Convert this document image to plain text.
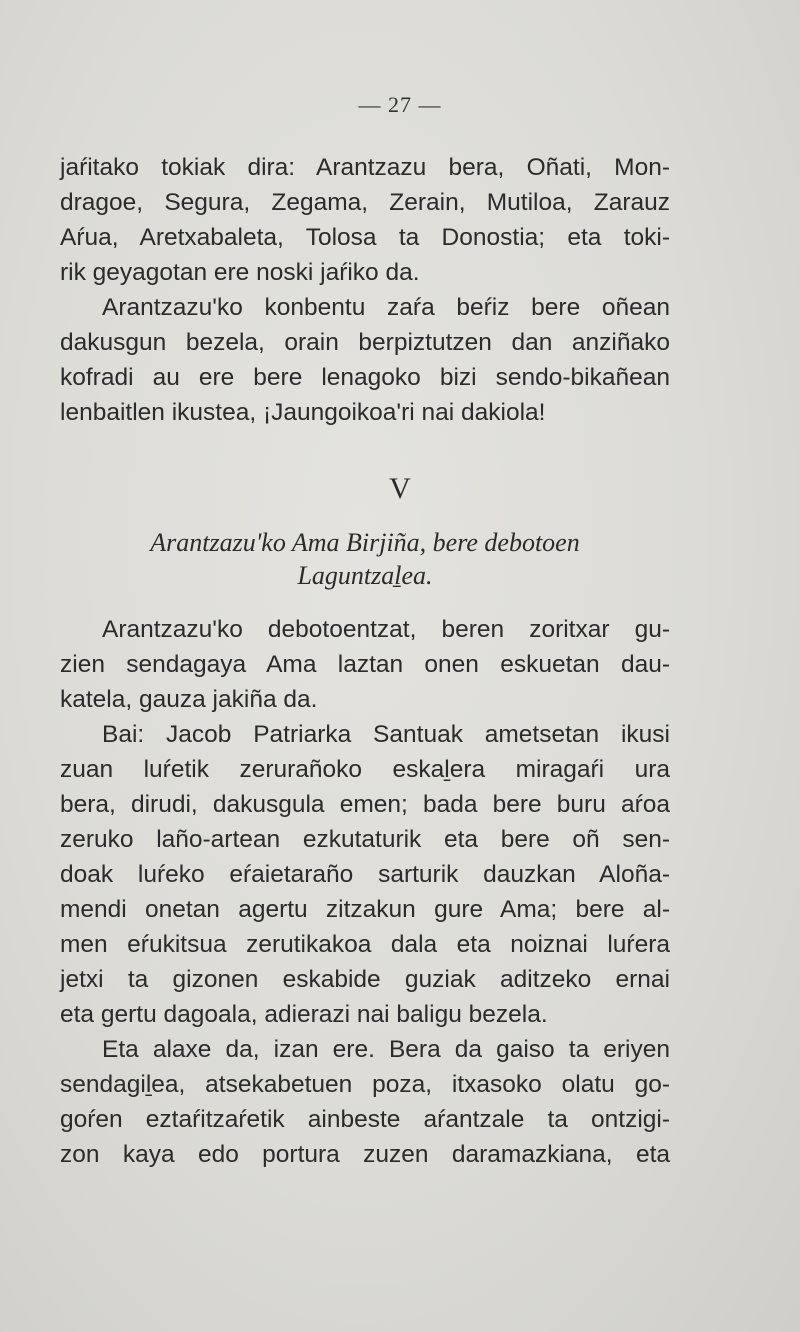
— 27 —

jaŕitako tokiak dira: Arantzazu bera, Oñati, Mon-
dragoe, Segura, Zegama, Zerain, Mutiloa, Zarauz
Aŕua, Aretxabaleta, Tolosa ta Donostia; eta toki-
rik geyagotan ere noski jaŕiko da.

Arantzazu'ko konbentu zaŕa beŕiz bere oñean
dakusgun bezela, orain berpiztutzen dan anziñako
kofradi au ere bere lenagoko bizi sendo-bikañean
lenbaitlen ikustea, ¡Jaungoikoa'ri nai dakiola!

V
Arantzazu'ko Ama Birjiña, bere debotoen
Laguntzaḻea.

Arantzazu'ko debotoentzat, beren zoritxar gu-
zien sendagaya Ama laztan onen eskuetan dau-
katela, gauza jakiña da.

Bai: Jacob Patriarka Santuak ametsetan ikusi
zuan luŕetik zeruraño​ko eskaḻera miragaŕi ura
bera, dirudi, dakusgula emen; bada bere buru aŕoa
zeruko laño-artean ezkutaturik eta bere oñ sen-
doak luŕeko eŕaietaraño sarturik dauzkan Aloña-
mendi onetan agertu zitzakun gure Ama; bere al-
men eŕukitsua zerutikakoa dala eta noiznai luŕera
jetxi ta gizonen eskabide guziak aditzeko ernai
eta gertu dagoala, adierazi nai baligu bezela.

Eta alaxe da, izan ere. Bera da gaiso ta eriyen
sendagiḻea, atsekabetuen poza, itxasoko olatu go-
goŕen eztaŕitzaŕetik ainbeste aŕantzale ta ontzigi-
zon kaya edo portura zuzen daramazkiana, eta
